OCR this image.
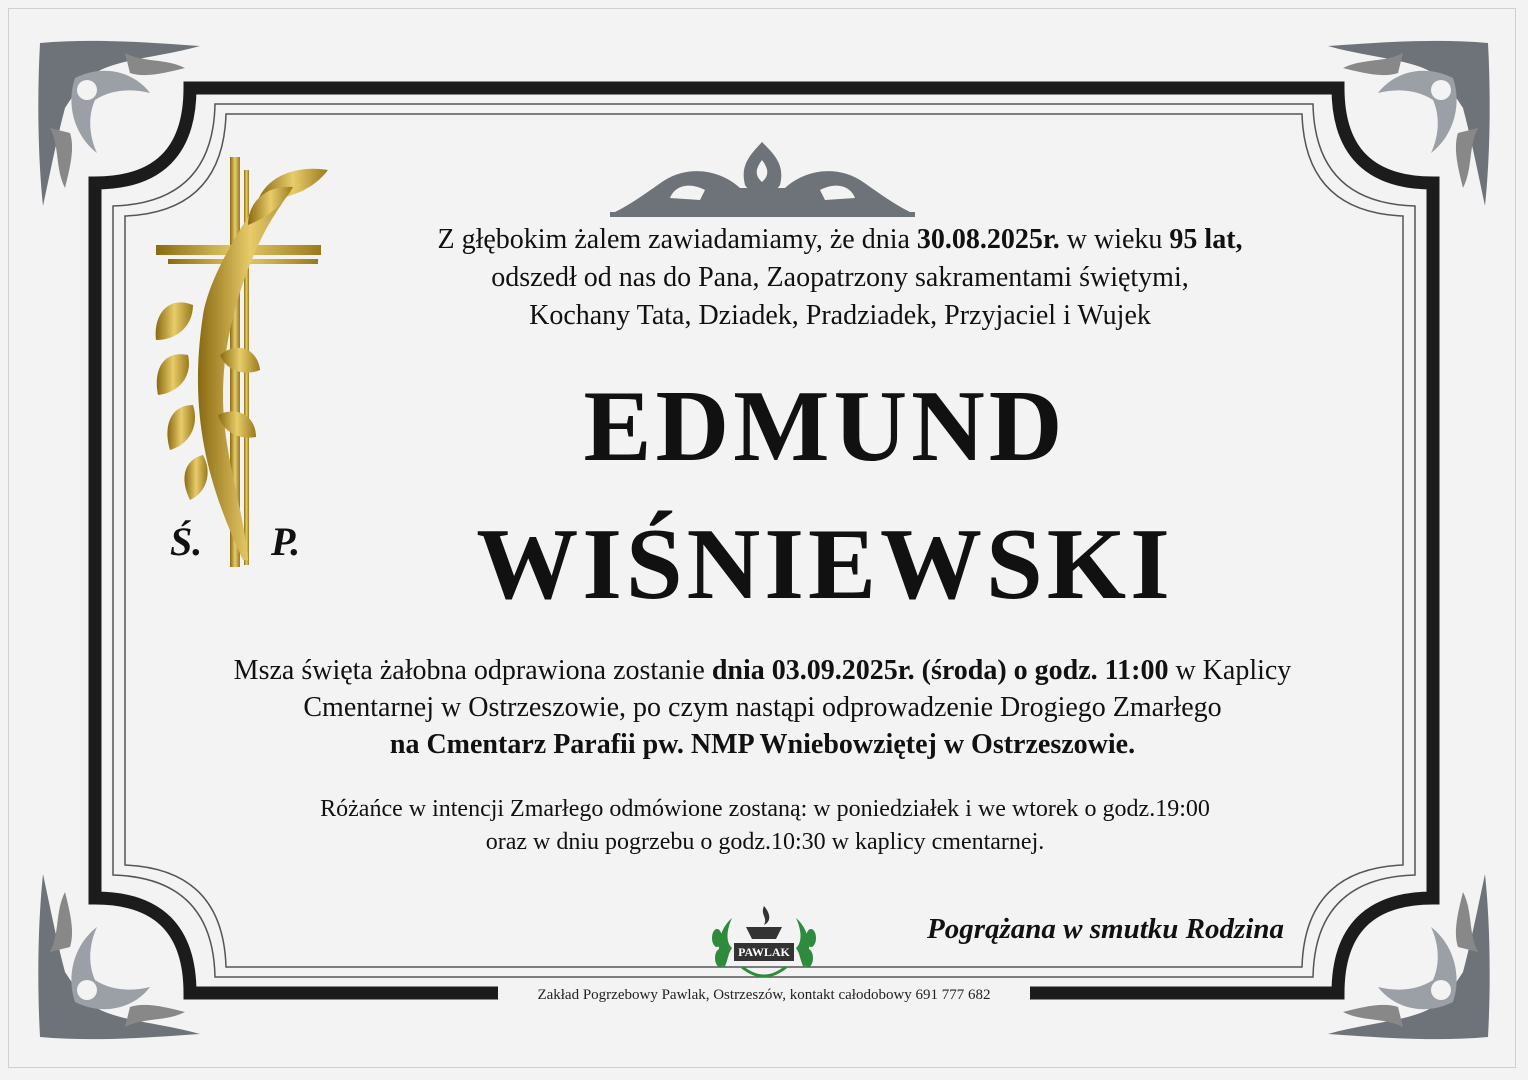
Ś. P.
Z głębokim żalem zawiadamiamy, że dnia 30.08.2025r. w wieku 95 lat,
odszedł od nas do Pana, Zaopatrzony sakramentami świętymi,
Kochany Tata, Dziadek, Pradziadek, Przyjaciel i Wujek
EDMUND
WIŚNIEWSKI
Msza święta żałobna odprawiona zostanie dnia 03.09.2025r. (środa) o godz. 11:00 w Kaplicy
Cmentarnej w Ostrzeszowie, po czym nastąpi odprowadzenie Drogiego Zmarłego
na Cmentarz Parafii pw. NMP Wniebowziętej w Ostrzeszowie.
Różańce w intencji Zmarłego odmówione zostaną: w poniedziałek i we wtorek o godz.19:00
oraz w dniu pogrzebu o godz.10:30 w kaplicy cmentarnej.
PAWLAK
Pogrążana w smutku Rodzina
Zakład Pogrzebowy Pawlak, Ostrzeszów, kontakt całodobowy 691 777 682
